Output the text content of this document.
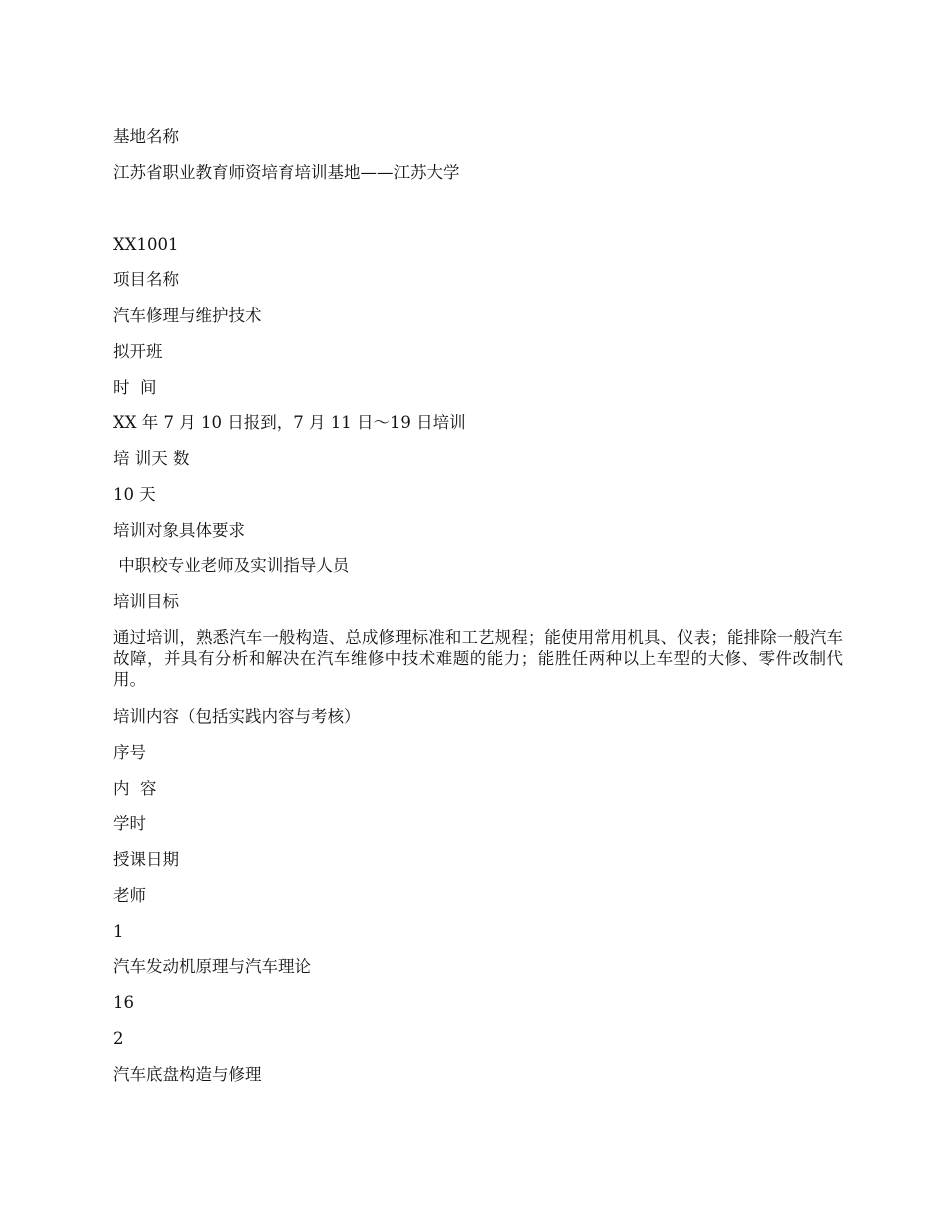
基地名称
江苏省职业教育师资培育培训基地——江苏大学
XX1001
项目名称
汽车修理与维护技术
拟开班
时  间
XX 年 7 月 10 日报到，7 月 11 日～19 日培训
培 训天 数
10 天
培训对象具体要求
中职校专业老师及实训指导人员
培训目标
通过培训，熟悉汽车一般构造、总成修理标准和工艺规程；能使用常用机具、仪表；能排除一般汽车故障，并具有分析和解决在汽车维修中技术难题的能力；能胜任两种以上车型的大修、零件改制代用。
培训内容（包括实践内容与考核）
序号
内  容
学时
授课日期
老师
1
汽车发动机原理与汽车理论
16
2
汽车底盘构造与修理
